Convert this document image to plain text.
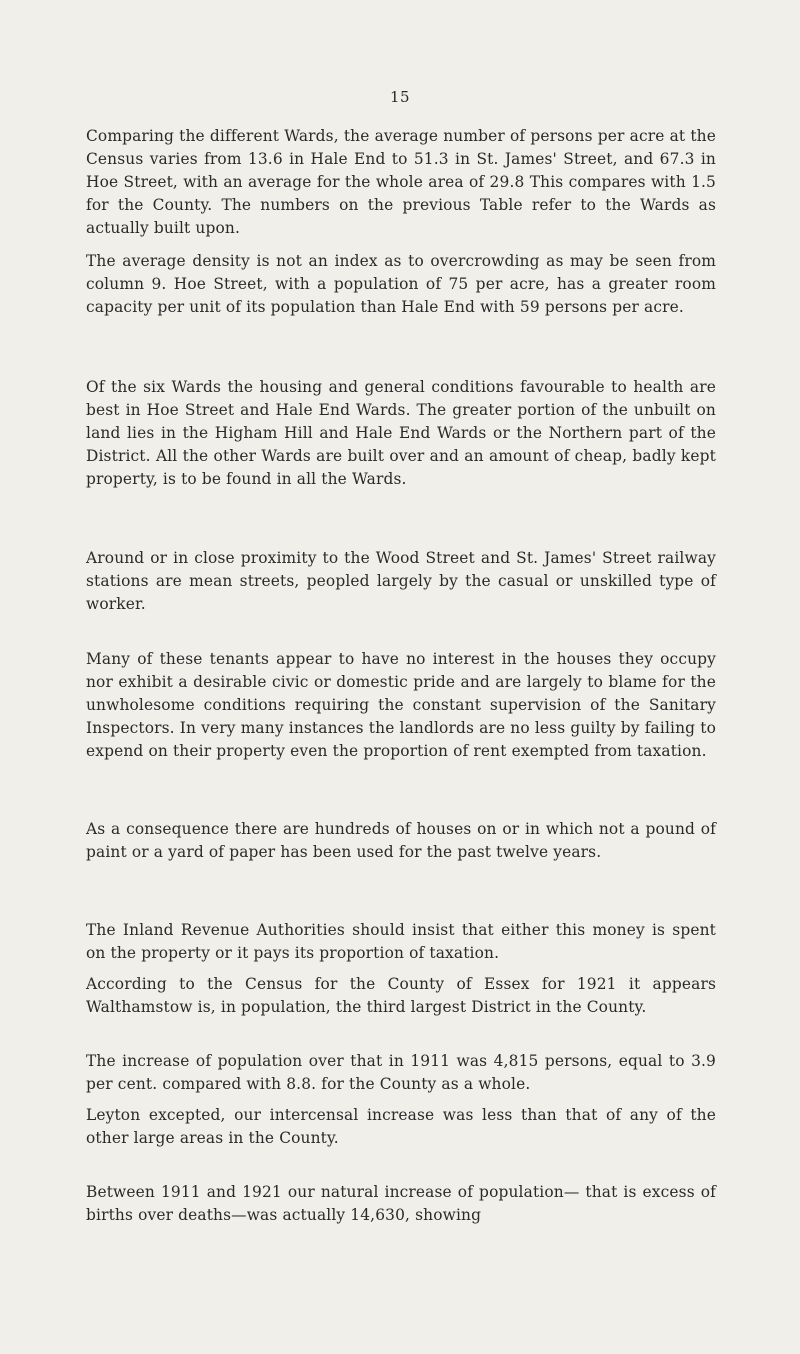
15

Comparing the different Wards, the average number of persons per acre at the Census varies from 13.6 in Hale End to 51.3 in St. James' Street, and 67.3 in Hoe Street, with an average for the whole area of 29.8 This compares with 1.5 for the County. The numbers on the previous Table refer to the Wards as actually built upon.

The average density is not an index as to overcrowding as may be seen from column 9. Hoe Street, with a population of 75 per acre, has a greater room capacity per unit of its population than Hale End with 59 persons per acre.

Of the six Wards the housing and general conditions favourable to health are best in Hoe Street and Hale End Wards. The greater portion of the unbuilt on land lies in the Higham Hill and Hale End Wards or the Northern part of the District. All the other Wards are built over and an amount of cheap, badly kept property, is to be found in all the Wards.

Around or in close proximity to the Wood Street and St. James' Street railway stations are mean streets, peopled largely by the casual or unskilled type of worker.

Many of these tenants appear to have no interest in the houses they occupy nor exhibit a desirable civic or domestic pride and are largely to blame for the unwholesome conditions requiring the constant supervision of the Sanitary Inspectors. In very many instances the landlords are no less guilty by failing to expend on their property even the proportion of rent exempted from taxation.

As a consequence there are hundreds of houses on or in which not a pound of paint or a yard of paper has been used for the past twelve years.

The Inland Revenue Authorities should insist that either this money is spent on the property or it pays its proportion of taxation.

According to the Census for the County of Essex for 1921 it appears Walthamstow is, in population, the third largest District in the County.

The increase of population over that in 1911 was 4,815 persons, equal to 3.9 per cent. compared with 8.8. for the County as a whole.

Leyton excepted, our intercensal increase was less than that of any of the other large areas in the County.

Between 1911 and 1921 our natural increase of population— that is excess of births over deaths—was actually 14,630, showing
